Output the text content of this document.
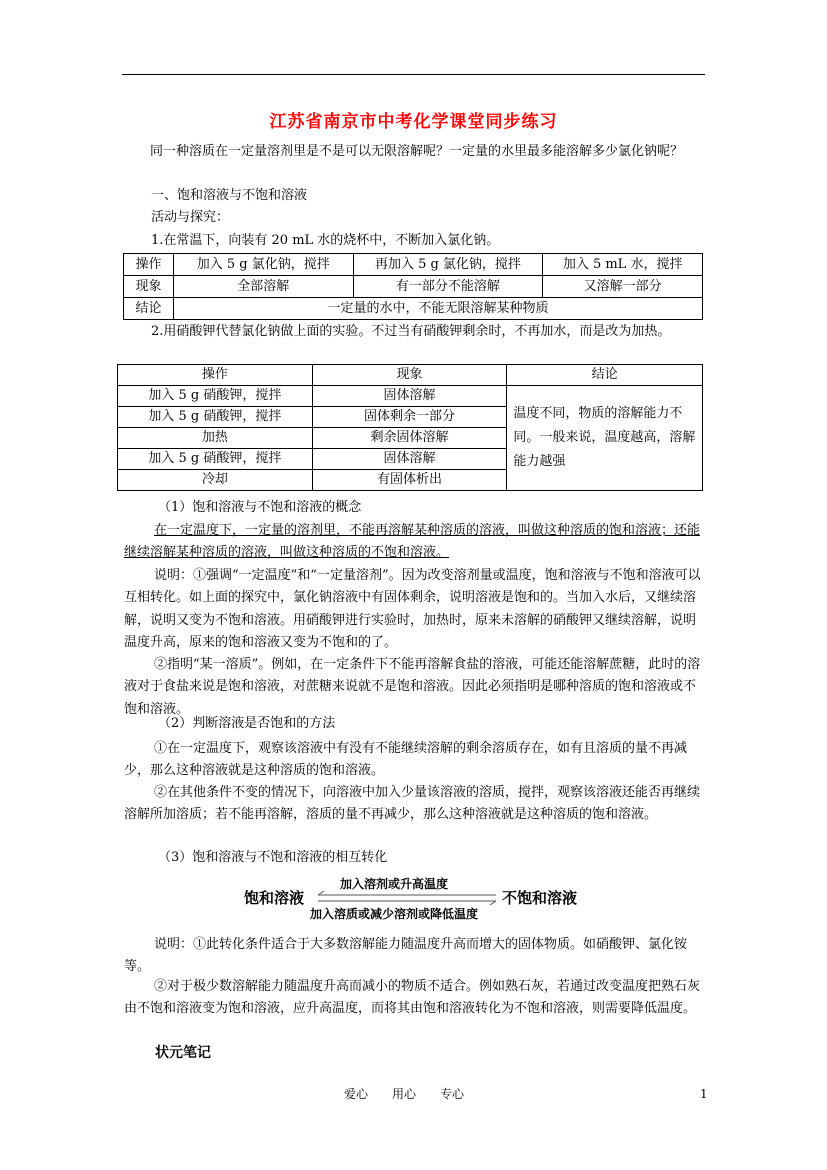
江苏省南京市中考化学课堂同步练习
同一种溶质在一定量溶剂里是不是可以无限溶解呢？一定量的水里最多能溶解多少氯化钠呢？
一、饱和溶液与不饱和溶液
活动与探究：
1.在常温下，向装有 20 mL 水的烧杯中，不断加入氯化钠。
操作	加入 5 g 氯化钠，搅拌	再加入 5 g 氯化钠，搅拌	加入 5 mL 水，搅拌
现象	全部溶解	有一部分不能溶解	又溶解一部分
结论	一定量的水中，不能无限溶解某种物质		
2.用硝酸钾代替氯化钠做上面的实验。不过当有硝酸钾剩余时，不再加水，而是改为加热。
操作	现象	结论
加入 5 g 硝酸钾，搅拌	固体溶解	温度不同，物质的溶解能力不同。一般来说，温度越高，溶解能力越强
加入 5 g 硝酸钾，搅拌	固体剩余一部分	
加热	剩余固体溶解	
加入 5 g 硝酸钾，搅拌	固体溶解	
冷却	有固体析出	
（1）饱和溶液与不饱和溶液的概念
在一定温度下，一定量的溶剂里，不能再溶解某种溶质的溶液，叫做这种溶质的饱和溶液；还能继续溶解某种溶质的溶液，叫做这种溶质的不饱和溶液。
说明：①强调“一定温度”和“一定量溶剂”。因为改变溶剂量或温度，饱和溶液与不饱和溶液可以互相转化。如上面的探究中，氯化钠溶液中有固体剩余，说明溶液是饱和的。当加入水后，又继续溶解，说明又变为不饱和溶液。用硝酸钾进行实验时，加热时，原来未溶解的硝酸钾又继续溶解，说明温度升高，原来的饱和溶液又变为不饱和的了。
②指明“某一溶质”。例如，在一定条件下不能再溶解食盐的溶液，可能还能溶解蔗糖，此时的溶液对于食盐来说是饱和溶液，对蔗糖来说就不是饱和溶液。因此必须指明是哪种溶质的饱和溶液或不饱和溶液。
（2）判断溶液是否饱和的方法
①在一定温度下，观察该溶液中有没有不能继续溶解的剩余溶质存在，如有且溶质的量不再减少，那么这种溶液就是这种溶质的饱和溶液。
②在其他条件不变的情况下，向溶液中加入少量该溶液的溶质，搅拌，观察该溶液还能否再继续溶解所加溶质；若不能再溶解，溶质的量不再减少，那么这种溶液就是这种溶质的饱和溶液。
（3）饱和溶液与不饱和溶液的相互转化
饱和溶液
加入溶剂或升高温度
不饱和溶液
加入溶质或减少溶剂或降低温度
说明：①此转化条件适合于大多数溶解能力随温度升高而增大的固体物质。如硝酸钾、氯化铵等。
②对于极少数溶解能力随温度升高而减小的物质不适合。例如熟石灰，若通过改变温度把熟石灰由不饱和溶液变为饱和溶液，应升高温度，而将其由饱和溶液转化为不饱和溶液，则需要降低温度。
状元笔记
爱心　　用心　　专心	1
